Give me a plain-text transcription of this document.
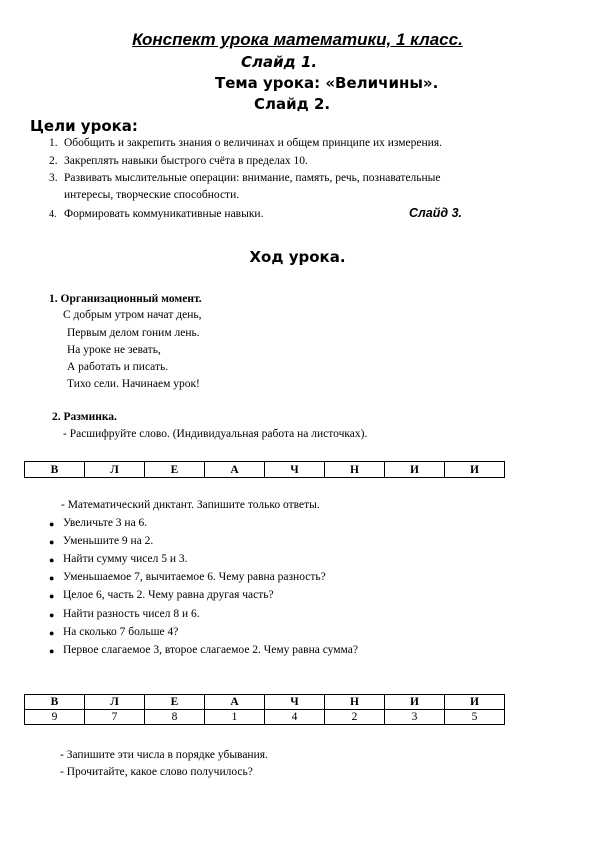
Конспект урока математики, 1 класс.
Слайд 1.
Тема урока: «Величины».
Слайд 2.
Цели урока:
1. Обобщить и закрепить знания о величинах и общем принципе их измерения.
2. Закреплять навыки быстрого счёта в пределах 10.
3. Развивать мыслительные операции: внимание, память, речь, познавательные
интересы, творческие способности.
4. Формировать коммуникативные навыки.	Слайд 3.
Ход урока.
1. Организационный момент.
С добрым утром начат день,
Первым делом гоним лень.
На уроке не зевать,
А работать и писать.
Тихо сели. Начинаем урок!
2. Разминка.
- Расшифруйте слово. (Индивидуальная работа на листочках).
В	Л	Е	А	Ч	Н	И	И
- Математический диктант. Запишите только ответы.
● Увеличьте 3 на 6.
● Уменьшите 9 на 2.
● Найти сумму чисел 5 и 3.
● Уменьшаемое 7, вычитаемое 6. Чему равна разность?
● Целое 6, часть 2. Чему равна другая часть?
● Найти разность чисел 8 и 6.
● На сколько 7 больше 4?
● Первое слагаемое 3, второе слагаемое 2. Чему равна сумма?
В	Л	Е	А	Ч	Н	И	И
9	7	8	1	4	2	3	5
- Запишите эти числа в порядке убывания.
- Прочитайте, какое слово получилось?
